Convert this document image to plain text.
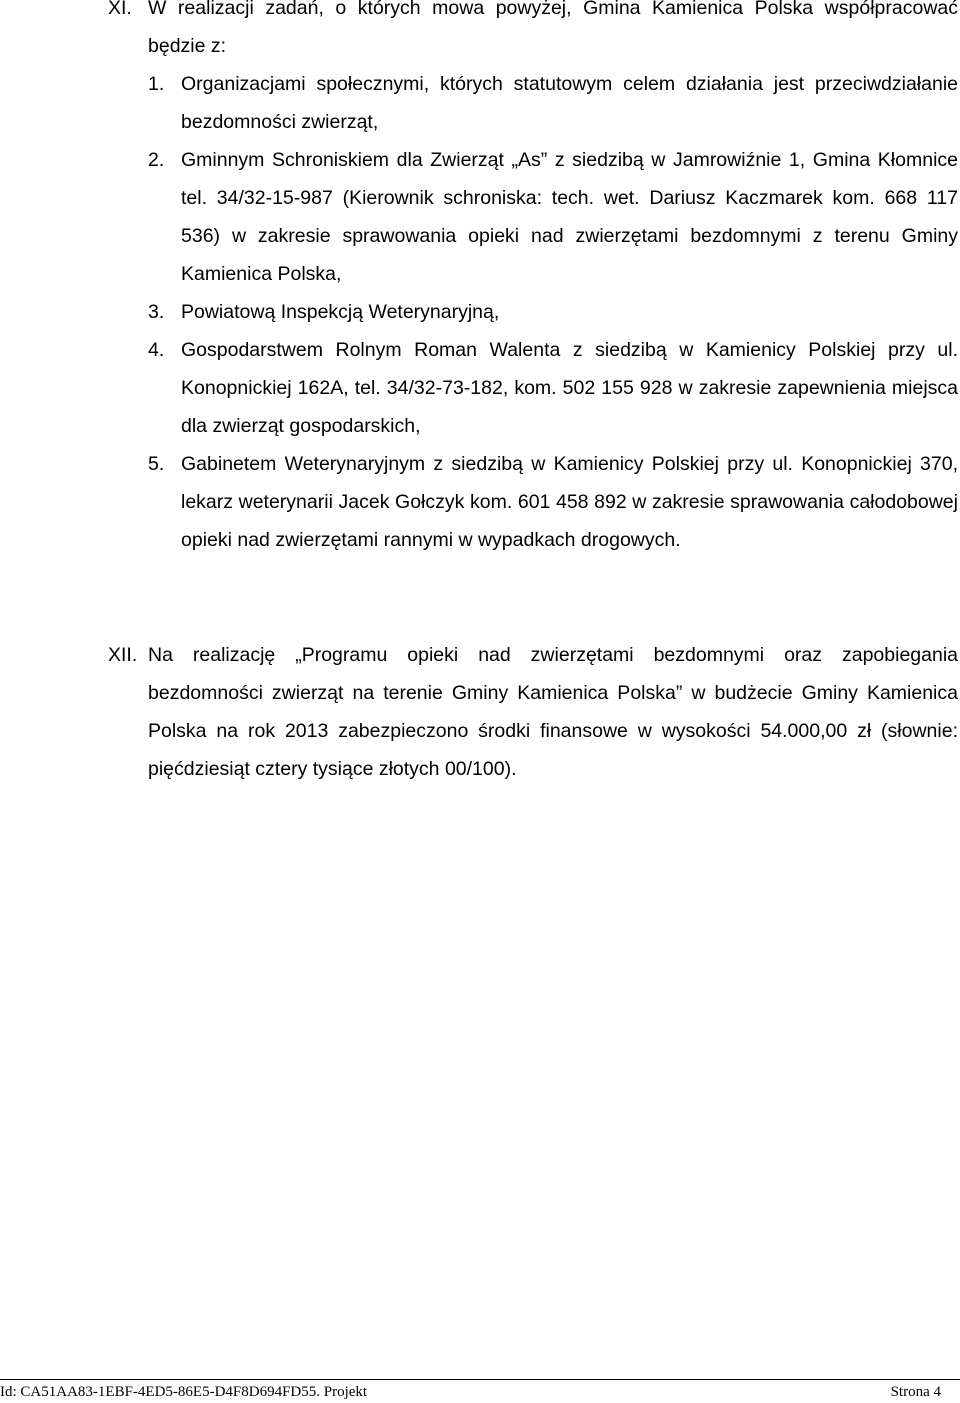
XI. W realizacji zadań, o których mowa powyżej, Gmina Kamienica Polska współpracować będzie z:
1. Organizacjami społecznymi, których statutowym celem działania jest przeciwdziałanie bezdomności zwierząt,
2. Gminnym Schroniskiem dla Zwierząt „As” z siedzibą w Jamrowiźnie 1, Gmina Kłomnice tel. 34/32-15-987 (Kierownik schroniska: tech. wet. Dariusz Kaczmarek kom. 668 117 536) w zakresie sprawowania opieki nad zwierzętami bezdomnymi z terenu Gminy Kamienica Polska,
3. Powiatową Inspekcją Weterynaryjną,
4. Gospodarstwem Rolnym Roman Walenta z siedzibą w Kamienicy Polskiej przy ul. Konopnickiej 162A, tel. 34/32-73-182, kom. 502 155 928 w zakresie zapewnienia miejsca dla zwierząt gospodarskich,
5. Gabinetem Weterynaryjnym z siedzibą w Kamienicy Polskiej przy ul. Konopnickiej 370, lekarz weterynarii Jacek Gołczyk kom. 601 458 892 w zakresie sprawowania całodobowej opieki nad zwierzętami rannymi w wypadkach drogowych.
XII. Na realizację „Programu opieki nad zwierzętami bezdomnymi oraz zapobiegania bezdomności zwierząt na terenie Gminy Kamienica Polska” w budżecie Gminy Kamienica Polska na rok 2013 zabezpieczono środki finansowe w wysokości 54.000,00 zł (słownie: pięćdziesiąt cztery tysiące złotych 00/100).
Id: CA51AA83-1EBF-4ED5-86E5-D4F8D694FD55. Projekt	Strona 4
